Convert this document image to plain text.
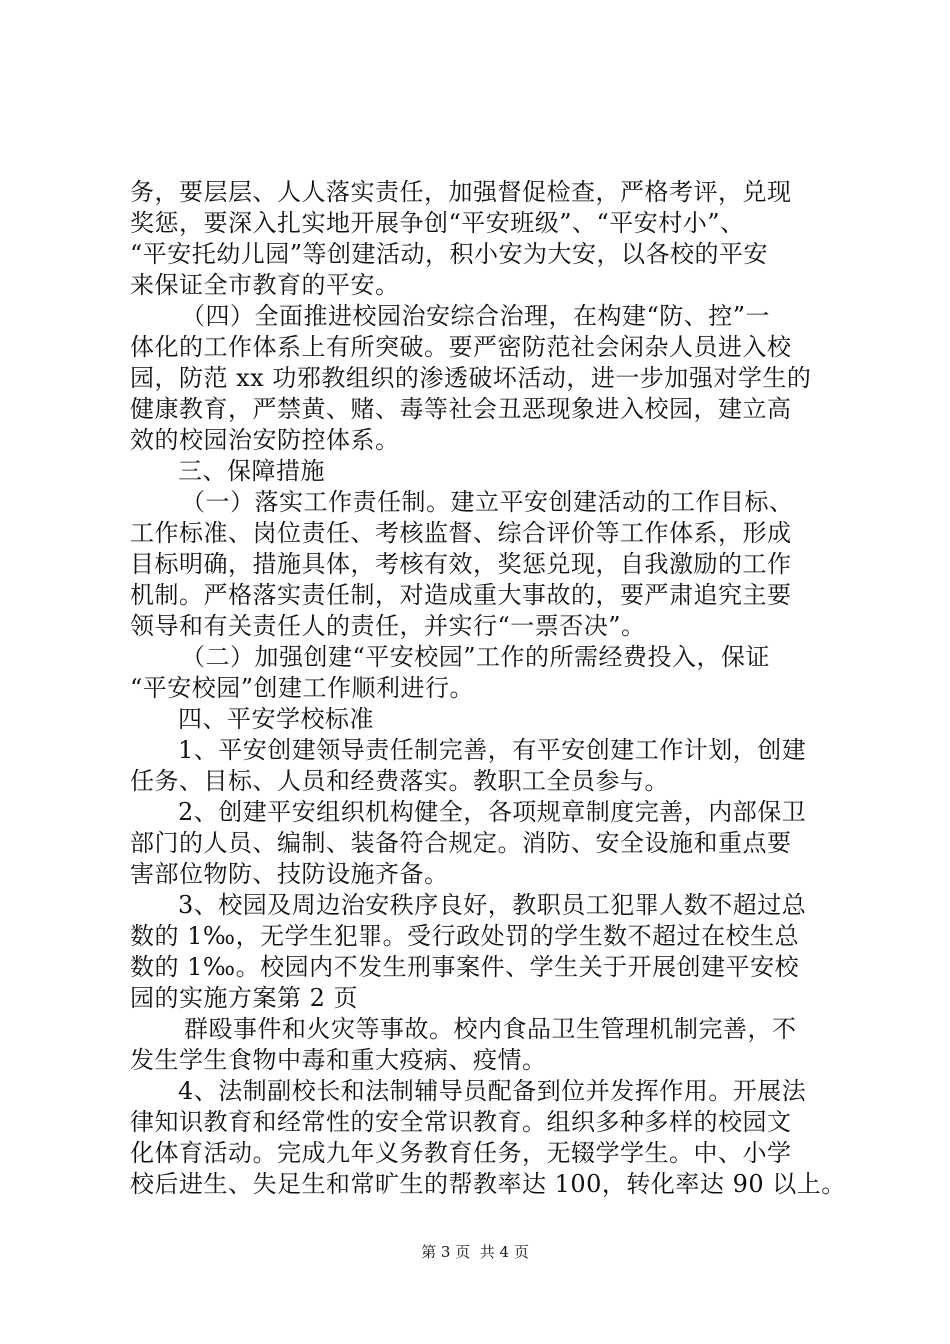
务，要层层、人人落实责任，加强督促检查，严格考评，兑现
奖惩，要深入扎实地开展争创“平安班级”、“平安村小”、
“平安托幼儿园”等创建活动，积小安为大安，以各校的平安
来保证全市教育的平安。
（四）全面推进校园治安综合治理，在构建“防、控”一
体化的工作体系上有所突破。要严密防范社会闲杂人员进入校
园，防范 xx 功邪教组织的渗透破坏活动，进一步加强对学生的
健康教育，严禁黄、赌、毒等社会丑恶现象进入校园，建立高
效的校园治安防控体系。
三、保障措施
（一）落实工作责任制。建立平安创建活动的工作目标、
工作标准、岗位责任、考核监督、综合评价等工作体系，形成
目标明确，措施具体，考核有效，奖惩兑现，自我激励的工作
机制。严格落实责任制，对造成重大事故的，要严肃追究主要
领导和有关责任人的责任，并实行“一票否决”。
（二）加强创建“平安校园”工作的所需经费投入，保证
“平安校园”创建工作顺利进行。
四、平安学校标准
1、平安创建领导责任制完善，有平安创建工作计划，创建
任务、目标、人员和经费落实。教职工全员参与。
2、创建平安组织机构健全，各项规章制度完善，内部保卫
部门的人员、编制、装备符合规定。消防、安全设施和重点要
害部位物防、技防设施齐备。
3、校园及周边治安秩序良好，教职员工犯罪人数不超过总
数的 1‰，无学生犯罪。受行政处罚的学生数不超过在校生总
数的 1‰。校园内不发生刑事案件、学生关于开展创建平安校
园的实施方案第 2 页
群殴事件和火灾等事故。校内食品卫生管理机制完善，不
发生学生食物中毒和重大疫病、疫情。
4、法制副校长和法制辅导员配备到位并发挥作用。开展法
律知识教育和经常性的安全常识教育。组织多种多样的校园文
化体育活动。完成九年义务教育任务，无辍学学生。中、小学
校后进生、失足生和常旷生的帮教率达 100，转化率达 90 以上。
第 3 页  共 4 页
